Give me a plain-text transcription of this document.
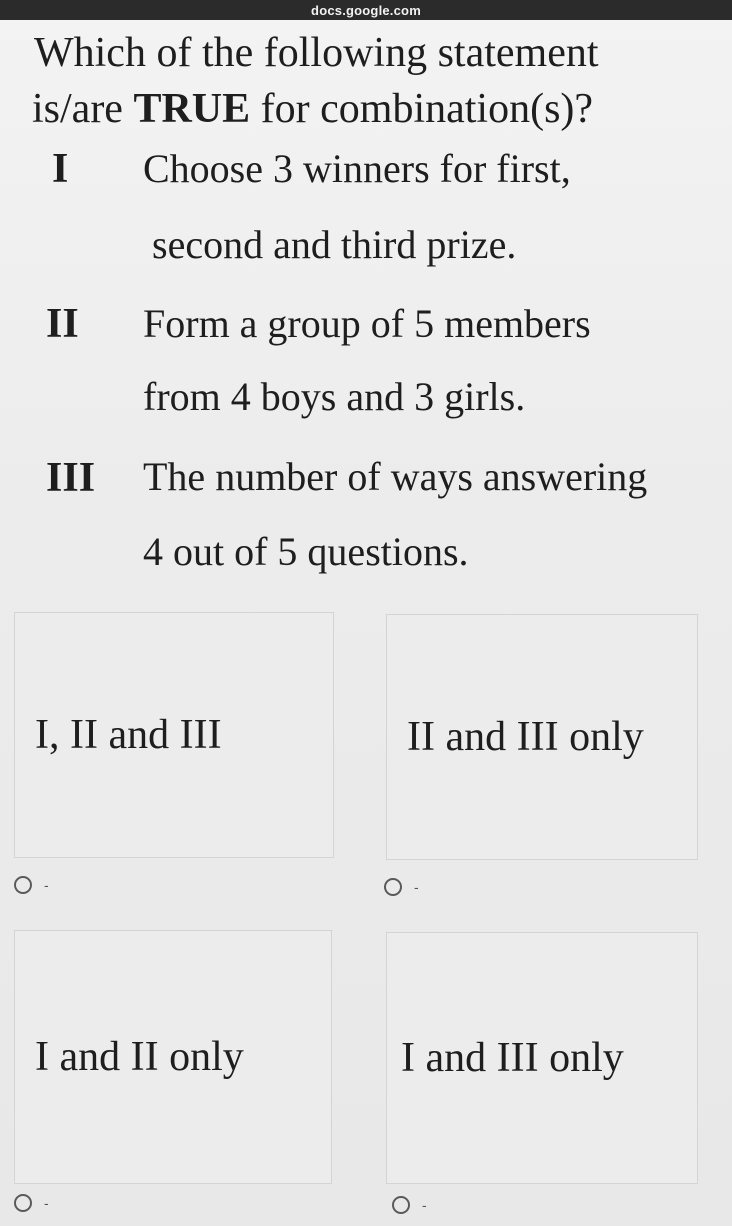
docs.google.com
Which of the following statement
is/are TRUE for combination(s)?
I Choose 3 winners for first,
second and third prize.
II Form a group of 5 members
from 4 boys and 3 girls.
III The number of ways answering
4 out of 5 questions.
I, II and III
-
II and III only
-
I and II only
-
I and III only
-
